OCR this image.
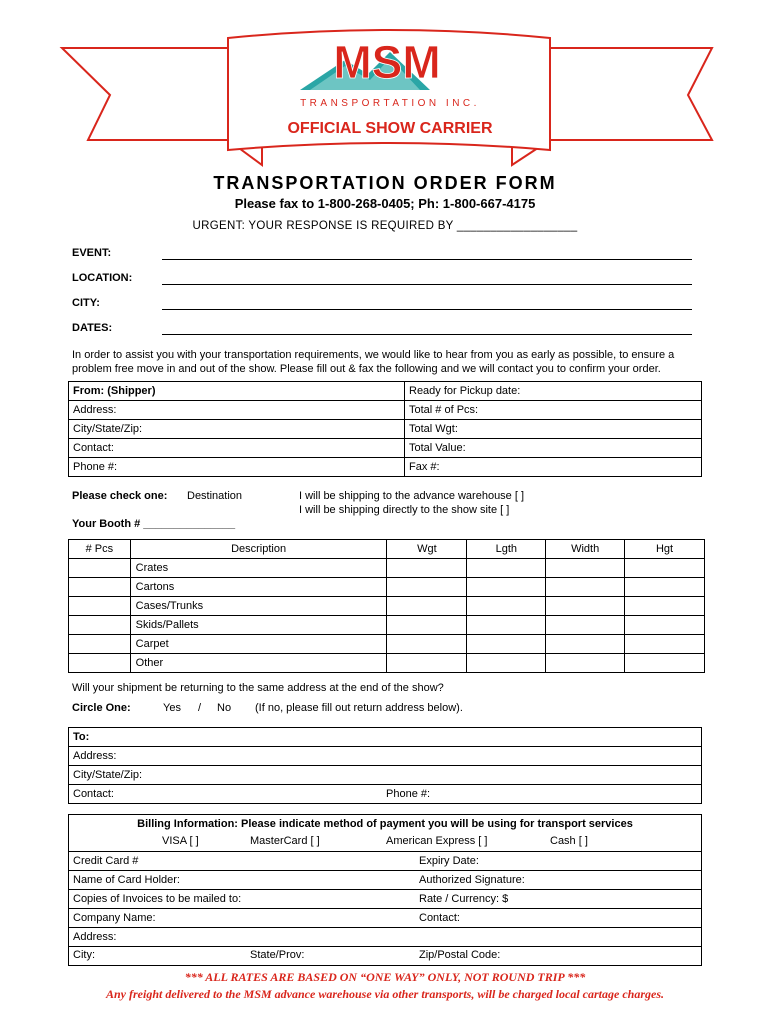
MSM
TRANSPORTATION INC.
OFFICIAL SHOW CARRIER
TRANSPORTATION ORDER FORM
Please fax to 1-800-268-0405; Ph: 1-800-667-4175
URGENT: YOUR RESPONSE IS REQUIRED BY __________________
EVENT:
LOCATION:
CITY:
DATES:
In order to assist you with your transportation requirements, we would like to hear from you as early as possible, to ensure a problem free move in and out of the show. Please fill out & fax the following and we will contact you to confirm your order.
From: (Shipper)	Ready for Pickup date:
Address:	Total # of Pcs:
City/State/Zip:	Total Wgt:
Contact:	Total Value:
Phone #:	Fax #:
Please check one: Destination	I will be shipping to the advance warehouse [ ]
I will be shipping directly to the show site [ ]
Your Booth # _______________
# Pcs	Description	Wgt	Lgth	Width	Hgt
	Crates				
	Cartons				
	Cases/Trunks				
	Skids/Pallets				
	Carpet				
	Other				
Will your shipment be returning to the same address at the end of the show?
Circle One:	Yes / No (If no, please fill out return address below).
To:
Address:
City/State/Zip:
Contact:	Phone #:
Billing Information: Please indicate method of payment you will be using for transport services	

VISA [ ] MasterCard [ ] American Express [ ] Cash [ ]	

Credit Card #	Expiry Date:
Name of Card Holder:	Authorized Signature:
Copies of Invoices to be mailed to:	Rate / Currency: $
Company Name:	Contact:
Address:	

City: State/Prov: Zip/Postal Code:	
*** ALL RATES ARE BASED ON “ONE WAY” ONLY, NOT ROUND TRIP ***
Any freight delivered to the MSM advance warehouse via other transports, will be charged local cartage charges.
